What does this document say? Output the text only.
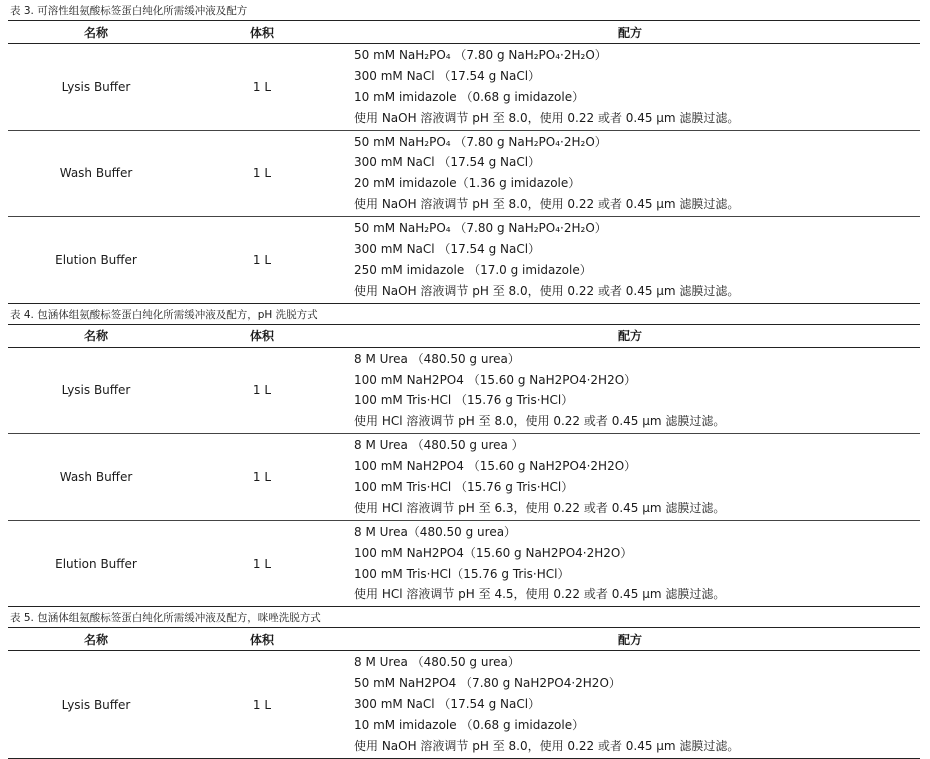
表 3. 可溶性组氨酸标签蛋白纯化所需缓冲液及配方
名称	体积	配方
Lysis Buffer	1 L	50 mM NaH₂PO₄ （7.80 g NaH₂PO₄·2H₂O）
300 mM NaCl （17.54 g NaCl）
10 mM imidazole （0.68 g imidazole）
使用 NaOH 溶液调节 pH 至 8.0，使用 0.22 或者 0.45 μm 滤膜过滤。

Wash Buffer	1 L	50 mM NaH₂PO₄ （7.80 g NaH₂PO₄·2H₂O）
300 mM NaCl （17.54 g NaCl）
20 mM imidazole（1.36 g imidazole）
使用 NaOH 溶液调节 pH 至 8.0，使用 0.22 或者 0.45 μm 滤膜过滤。

Elution Buffer	1 L	50 mM NaH₂PO₄ （7.80 g NaH₂PO₄·2H₂O）
300 mM NaCl （17.54 g NaCl）
250 mM imidazole （17.0 g imidazole）
使用 NaOH 溶液调节 pH 至 8.0，使用 0.22 或者 0.45 μm 滤膜过滤。
表 4. 包涵体组氨酸标签蛋白纯化所需缓冲液及配方，pH 洗脱方式
名称	体积	配方
Lysis Buffer	1 L	8 M Urea （480.50 g urea）
100 mM NaH2PO4 （15.60 g NaH2PO4·2H2O）
100 mM Tris·HCl （15.76 g Tris·HCl）
使用 HCl 溶液调节 pH 至 8.0，使用 0.22 或者 0.45 μm 滤膜过滤。

Wash Buffer	1 L	8 M Urea （480.50 g urea ）
100 mM NaH2PO4 （15.60 g NaH2PO4·2H2O）
100 mM Tris·HCl （15.76 g Tris·HCl）
使用 HCl 溶液调节 pH 至 6.3，使用 0.22 或者 0.45 μm 滤膜过滤。

Elution Buffer	1 L	8 M Urea（480.50 g urea）
100 mM NaH2PO4（15.60 g NaH2PO4·2H2O）
100 mM Tris·HCl（15.76 g Tris·HCl）
使用 HCl 溶液调节 pH 至 4.5，使用 0.22 或者 0.45 μm 滤膜过滤。
表 5. 包涵体组氨酸标签蛋白纯化所需缓冲液及配方，咪唑洗脱方式
名称	体积	配方
Lysis Buffer	1 L	8 M Urea （480.50 g urea）
50 mM NaH2PO4 （7.80 g NaH2PO4·2H2O）
300 mM NaCl （17.54 g NaCl）
10 mM imidazole （0.68 g imidazole）
使用 NaOH 溶液调节 pH 至 8.0，使用 0.22 或者 0.45 μm 滤膜过滤。
